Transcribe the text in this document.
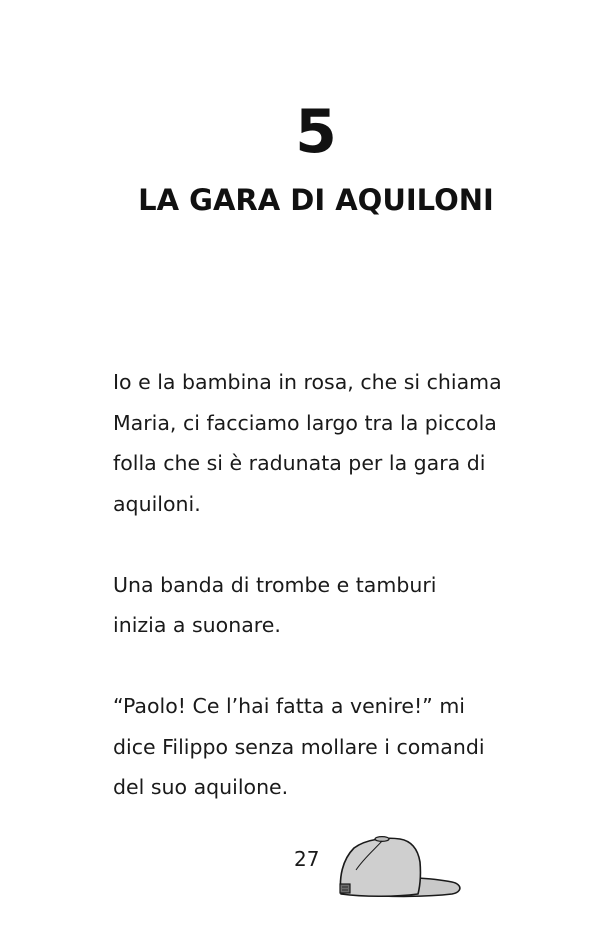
5
LA GARA DI AQUILONI

Io e la bambina in rosa, che si chiama
Maria, ci facciamo largo tra la piccola
folla che si è radunata per la gara di
aquiloni.

Una banda di trombe e tamburi
inizia a suonare.

“Paolo! Ce l’hai fatta a venire!” mi
dice Filippo senza mollare i comandi
del suo aquilone.

27
